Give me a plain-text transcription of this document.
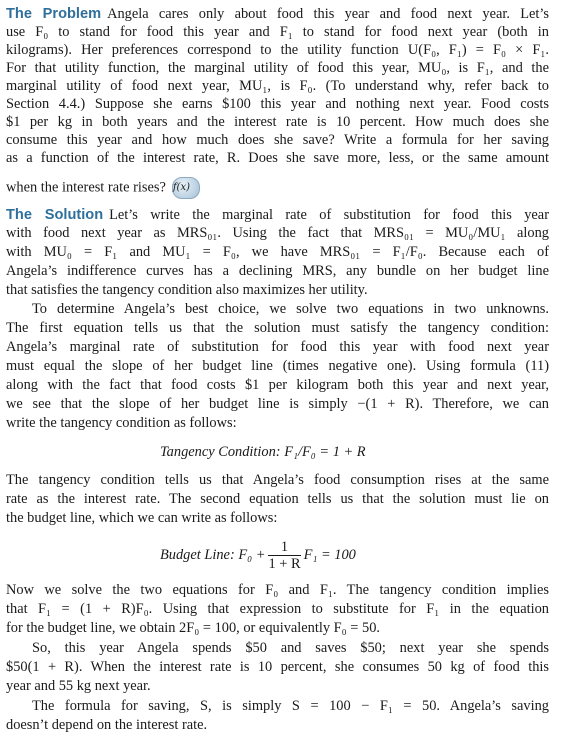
The Problem Angela cares only about food this year and food next year. Let’s
use F₀ to stand for food this year and F₁ to stand for food next year (both in
kilograms). Her preferences correspond to the utility function U(F₀, F₁) = F₀ × F₁.
For that utility function, the marginal utility of food this year, MU₀, is F₁, and the
marginal utility of food next year, MU₁, is F₀. (To understand why, refer back to
Section 4.4.) Suppose she earns $100 this year and nothing next year. Food costs
$1 per kg in both years and the interest rate is 10 percent. How much does she
consume this year and how much does she save? Write a formula for her saving
as a function of the interest rate, R. Does she save more, less, or the same amount
when the interest rate rises? f(x)
The Solution Let’s write the marginal rate of substitution for food this year
with food next year as MRS₀₁. Using the fact that MRS₀₁ = MU₀/MU₁ along
with MU₀ = F₁ and MU₁ = F₀, we have MRS₀₁ = F₁/F₀. Because each of
Angela’s indifference curves has a declining MRS, any bundle on her budget line
that satisfies the tangency condition also maximizes her utility.
To determine Angela’s best choice, we solve two equations in two unknowns.
The first equation tells us that the solution must satisfy the tangency condition:
Angela’s marginal rate of substitution for food this year with food next year
must equal the slope of her budget line (times negative one). Using formula (11)
along with the fact that food costs $1 per kilogram both this year and next year,
we see that the slope of her budget line is simply −(1 + R). Therefore, we can
write the tangency condition as follows:
Tangency Condition: F₁/F₀ = 1 + R
The tangency condition tells us that Angela’s food consumption rises at the same
rate as the interest rate. The second equation tells us that the solution must lie on
the budget line, which we can write as follows:
Budget Line: $F_0 + \frac{1}{1 + R} F_1 = 100$
Now we solve the two equations for F₀ and F₁. The tangency condition implies
that F₁ = (1 + R)F₀. Using that expression to substitute for F₁ in the equation
for the budget line, we obtain 2F₀ = 100, or equivalently F₀ = 50.
So, this year Angela spends $50 and saves $50; next year she spends
$50(1 + R). When the interest rate is 10 percent, she consumes 50 kg of food this
year and 55 kg next year.
The formula for saving, S, is simply S = 100 − F₁ = 50. Angela’s saving
doesn’t depend on the interest rate.
